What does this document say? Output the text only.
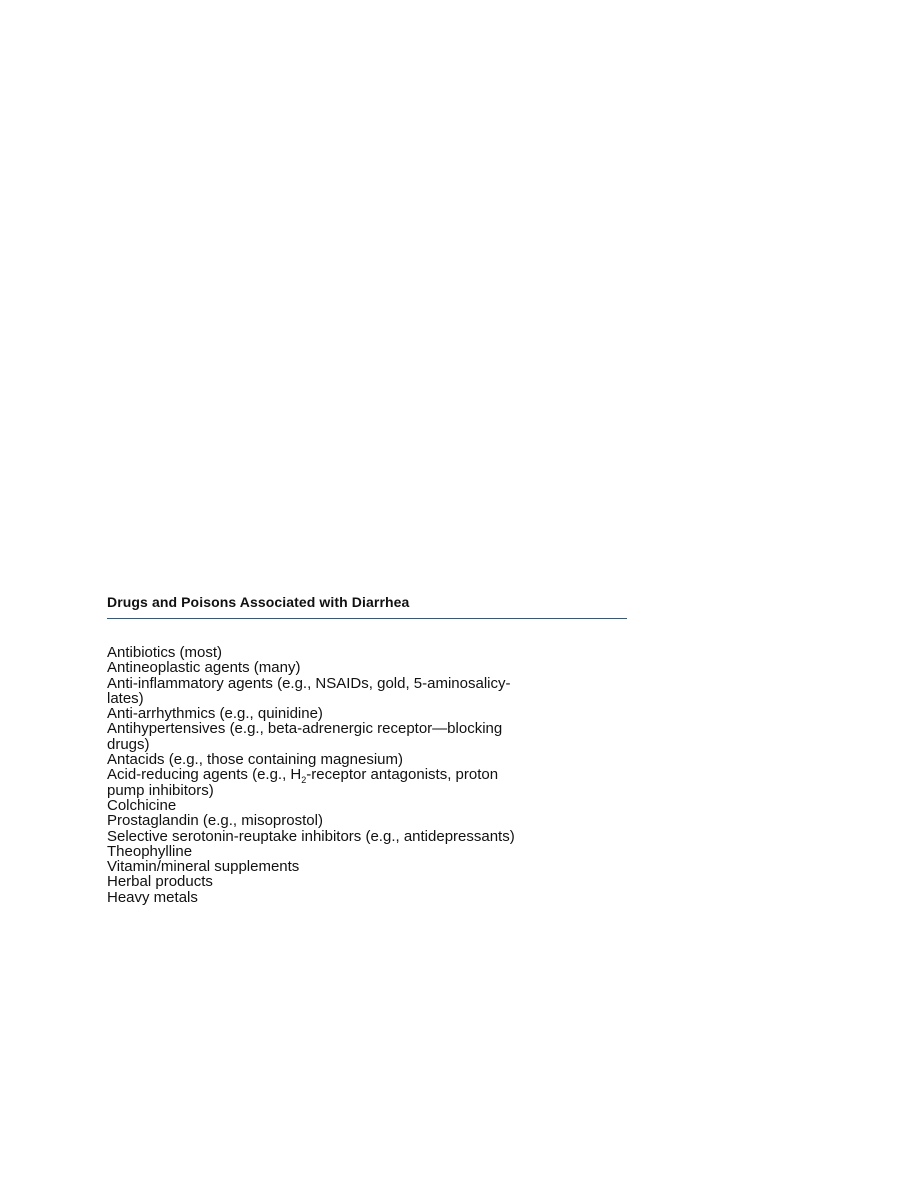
Drugs and Poisons Associated with Diarrhea
Antibiotics (most)
Antineoplastic agents (many)
Anti-inflammatory agents (e.g., NSAIDs, gold, 5-aminosalicy-
lates)
Anti-arrhythmics (e.g., quinidine)
Antihypertensives (e.g., beta-adrenergic receptor—blocking
drugs)
Antacids (e.g., those containing magnesium)
Acid-reducing agents (e.g., $H_2$-receptor antagonists, proton
pump inhibitors)
Colchicine
Prostaglandin (e.g., misoprostol)
Selective serotonin-reuptake inhibitors (e.g., antidepressants)
Theophylline
Vitamin/mineral supplements
Herbal products
Heavy metals
